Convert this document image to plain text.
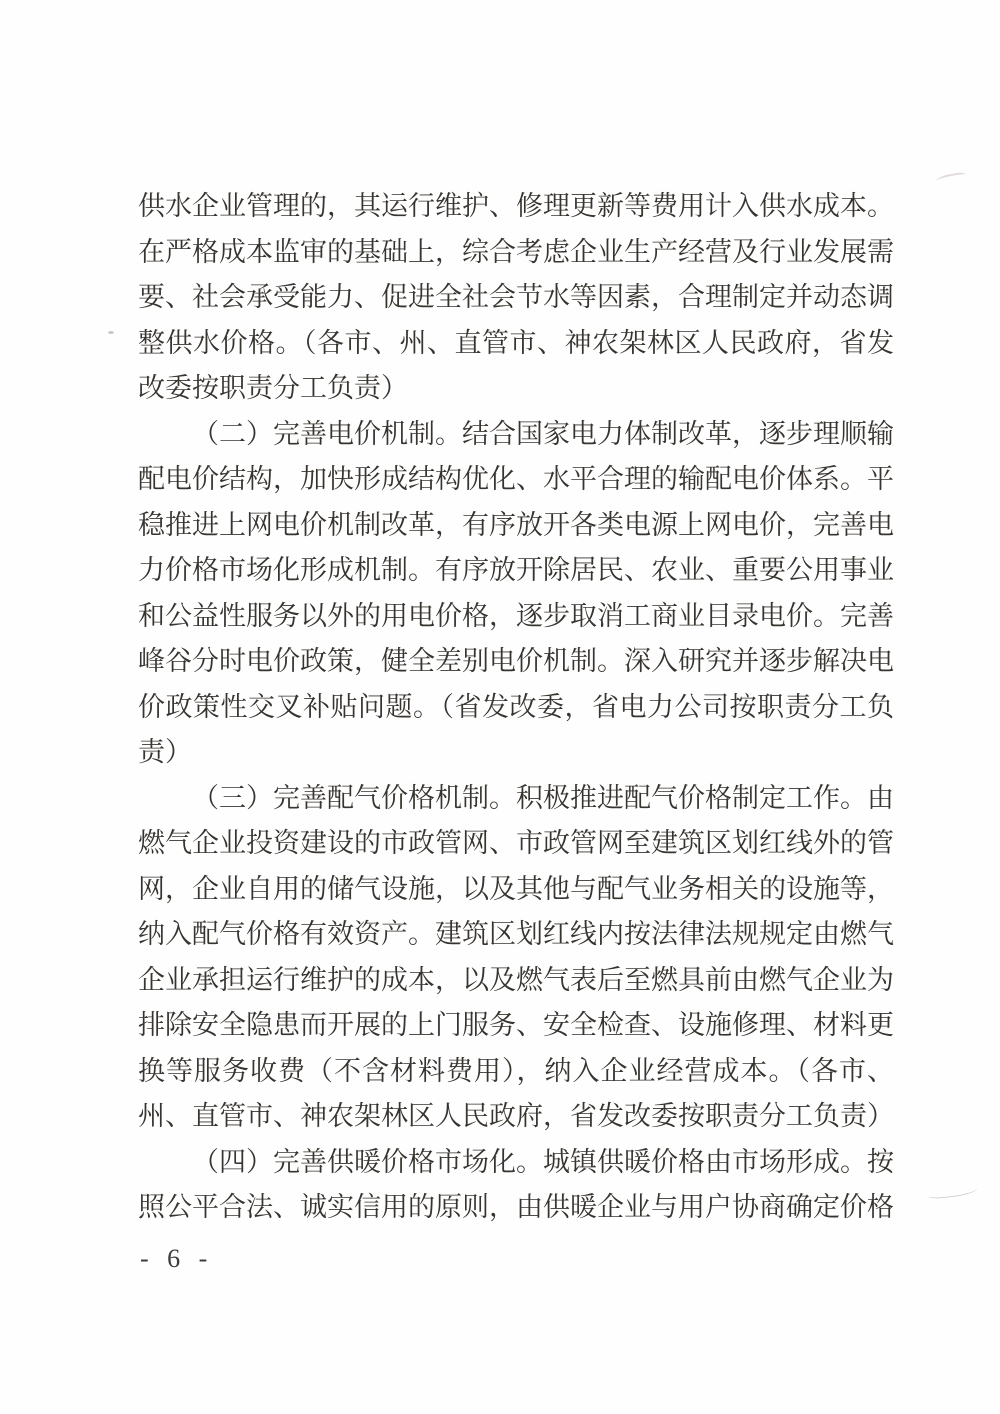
供水企业管理的，其运行维护、修理更新等费用计入供水成本。在严格成本监审的基础上，综合考虑企业生产经营及行业发展需要、社会承受能力、促进全社会节水等因素，合理制定并动态调整供水价格。（各市、州、直管市、神农架林区人民政府，省发改委按职责分工负责）

（二）完善电价机制。结合国家电力体制改革，逐步理顺输配电价结构，加快形成结构优化、水平合理的输配电价体系。平稳推进上网电价机制改革，有序放开各类电源上网电价，完善电力价格市场化形成机制。有序放开除居民、农业、重要公用事业和公益性服务以外的用电价格，逐步取消工商业目录电价。完善峰谷分时电价政策，健全差别电价机制。深入研究并逐步解决电价政策性交叉补贴问题。（省发改委，省电力公司按职责分工负责）

（三）完善配气价格机制。积极推进配气价格制定工作。由燃气企业投资建设的市政管网、市政管网至建筑区划红线外的管网，企业自用的储气设施，以及其他与配气业务相关的设施等，纳入配气价格有效资产。建筑区划红线内按法律法规规定由燃气企业承担运行维护的成本，以及燃气表后至燃具前由燃气企业为排除安全隐患而开展的上门服务、安全检查、设施修理、材料更换等服务收费（不含材料费用），纳入企业经营成本。（各市、州、直管市、神农架林区人民政府，省发改委按职责分工负责）

（四）完善供暖价格市场化。城镇供暖价格由市场形成。按照公平合法、诚实信用的原则，由供暖企业与用户协商确定价格

- 6 -
